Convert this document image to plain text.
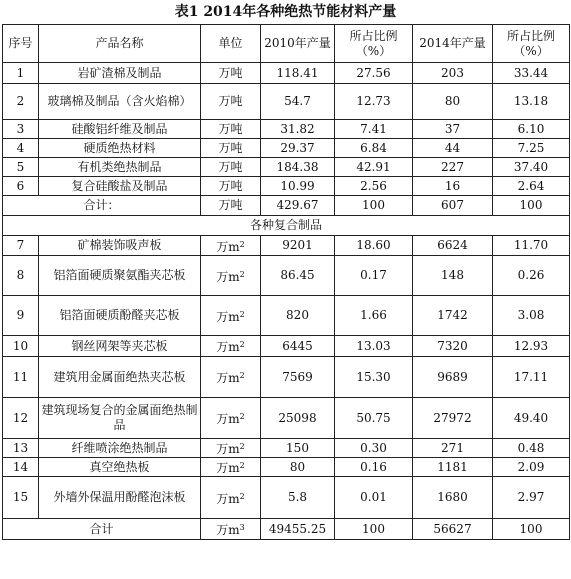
表1 2014年各种绝热节能材料产量
序号	产品名称	单位	2010年产量	所占比例（%）	2014年产量	所占比例（%）
1	岩矿渣棉及制品	万吨	118.41	27.56	203	33.44
2	玻璃棉及制品（含火焰棉）	万吨	54.7	12.73	80	13.18
3	硅酸铝纤维及制品	万吨	31.82	7.41	37	6.10
4	硬质绝热材料	万吨	29.37	6.84	44	7.25
5	有机类绝热制品	万吨	184.38	42.91	227	37.40
6	复合硅酸盐及制品	万吨	10.99	2.56	16	2.64
合计：		万吨	429.67	100	607	100
各种复合制品						
7	矿棉装饰吸声板	万$m^2$	9201	18.60	6624	11.70
8	铝箔面硬质聚氨酯夹芯板	万$m^2$	86.45	0.17	148	0.26
9	铝箔面硬质酚醛夹芯板	万$m^2$	820	1.66	1742	3.08
10	钢丝网架等夹芯板	万$m^2$	6445	13.03	7320	12.93
11	建筑用金属面绝热夹芯板	万$m^2$	7569	15.30	9689	17.11
12	建筑现场复合的金属面绝热制品	万$m^2$	25098	50.75	27972	49.40
13	纤维喷涂绝热制品	万$m^2$	150	0.30	271	0.48
14	真空绝热板	万$m^2$	80	0.16	1181	2.09
15	外墙外保温用酚醛泡沫板	万$m^2$	5.8	0.01	1680	2.97
合计		万$m^3$	49455.25	100	56627	100
